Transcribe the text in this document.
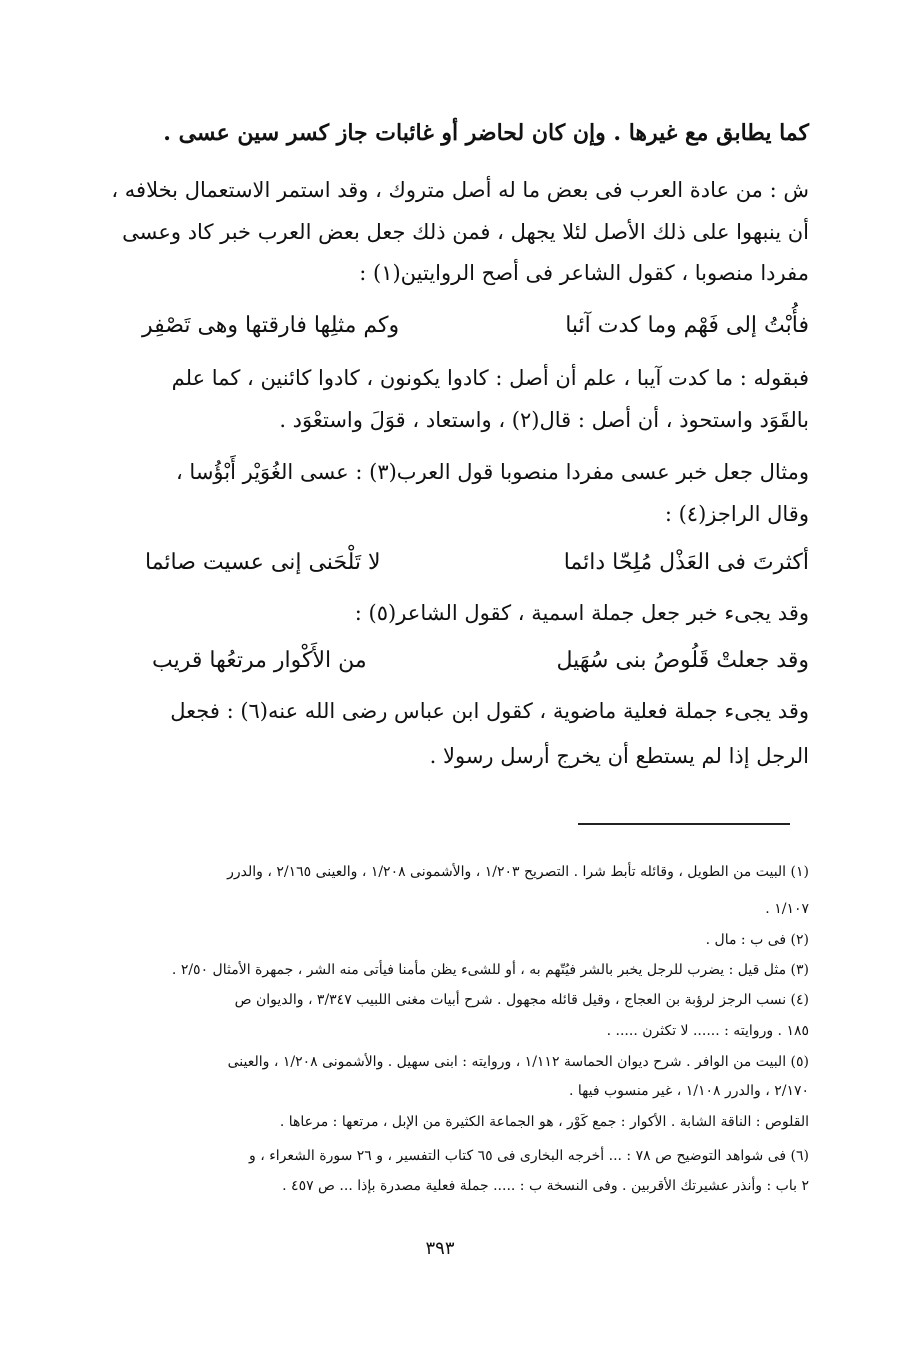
كما يطابق مع غيرها . وإن كان لحاضر أو غائبات جاز كسر سين عسى .
ش : من عادة العرب فى بعض ما له أصل متروك ، وقد استمر الاستعمال بخلافه ،
أن ينبهوا على ذلك الأصل لئلا يجهل ، فمن ذلك جعل بعض العرب خبر كاد وعسى
مفردا منصوبا ، كقول الشاعر فى أصح الروايتين(١) :
فأُبْتُ إلى فَهْم وما كدت آئبا
وكم مثلِها فارقتها وهى تَصْفِر
فبقوله : ما كدت آيبا ، علم أن أصل : كادوا يكونون ، كادوا كائنين ، كما علم
بالقَوَد واستحوذ ، أن أصل : قال(٢) ، واستعاد ، قوَلَ واستعْوَد .
ومثال جعل خبر عسى مفردا منصوبا قول العرب(٣) : عسى الغُوَيْر أَبْؤُسا ،
وقال الراجز(٤) :
أكثرتَ فى العَذْل مُلِحّا دائما
لا تَلْحَنى إنى عسيت صائما
وقد يجىء خبر جعل جملة اسمية ، كقول الشاعر(٥) :
وقد جعلتْ قَلُوصُ بنى سُهَيل
من الأَكْوار مرتعُها قريب
وقد يجىء جملة فعلية ماضوية ، كقول ابن عباس رضى الله عنه(٦) : فجعل
الرجل إذا لم يستطع أن يخرج أرسل رسولا .
(١) البيت من الطويل ، وقائله تأبط شرا . التصريح ١/٢٠٣ ، والأشمونى ١/٢٠٨ ، والعينى ٢/١٦٥ ، والدرر
١/١٠٧ .
(٢) فى ب : مال .
(٣) مثل قيل : يضرب للرجل يخبر بالشر فيُتّهم به ، أو للشىء يظن مأمنا فيأتى منه الشر ، جمهرة الأمثال ٢/٥٠ .
(٤) نسب الرجز لرؤبة بن العجاج ، وقيل قائله مجهول . شرح أبيات مغنى اللبيب ٣/٣٤٧ ، والديوان ص
١٨٥ . وروايته : ...... لا تكثرن ..... .
(٥) البيت من الوافر . شرح ديوان الحماسة ١/١١٢ ، وروايته : ابنى سهيل . والأشمونى ١/٢٠٨ ، والعينى
٢/١٧٠ ، والدرر ١/١٠٨ ، غير منسوب فيها .
القلوص : الناقة الشابة . الأكوار : جمع كَوْر ، هو الجماعة الكثيرة من الإبل ، مرتعها : مرعاها .
(٦) فى شواهد التوضيح ص ٧٨ : ... أخرجه البخارى فى ٦٥ كتاب التفسير ، و ٢٦ سورة الشعراء ، و
٢ باب : وأنذر عشيرتك الأقربين . وفى النسخة ب : ..... جملة فعلية مصدرة بإذا ... ص ٤٥٧ .
٣٩٣
